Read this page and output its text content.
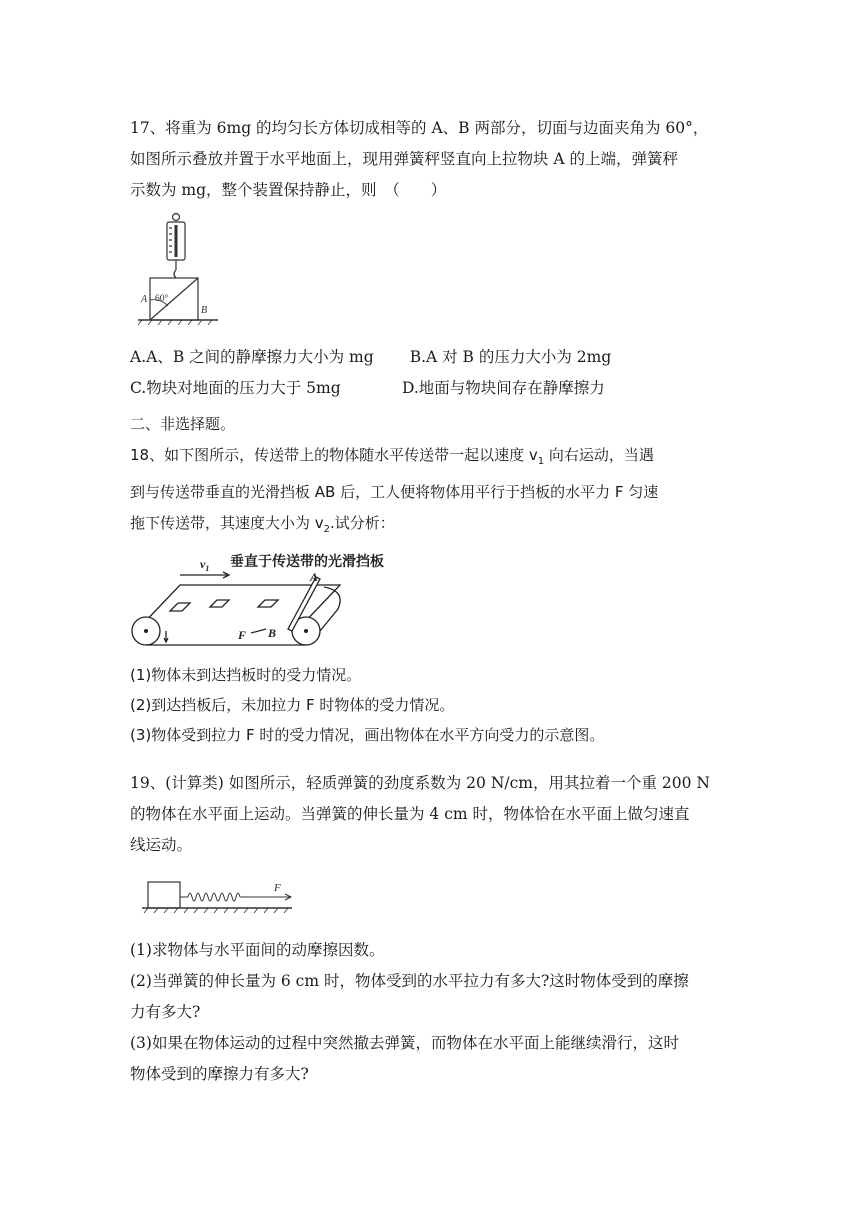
17、将重为 6mg 的均匀长方体切成相等的 A、B 两部分，切面与边面夹角为 60°，

如图所示叠放并置于水平地面上，现用弹簧秤竖直向上拉物块 A 的上端，弹簧秤

示数为 mg，整个装置保持静止，则　（　　）

A 60°
B

A.A、B 之间的静摩擦力大小为 mg B.A 对 B 的压力大小为 2mg

C.物块对地面的压力大于 5mg	D.地面与物块间存在静摩擦力

二、非选择题。

18、如下图所示，传送带上的物体随水平传送带一起以速度 $v_1$ 向右运动，当遇

到与传送带垂直的光滑挡板 AB 后，工人便将物体用平行于挡板的水平力 F 匀速

拖下传送带，其速度大小为 $v_2$.试分析：

$v_1$ 垂直于传送带的光滑挡板
A
B
F

(1)物体未到达挡板时的受力情况。

(2)到达挡板后，未加拉力 F 时物体的受力情况。

(3)物体受到拉力 F 时的受力情况，画出物体在水平方向受力的示意图。

19、(计算类) 如图所示，轻质弹簧的劲度系数为 20 N/cm，用其拉着一个重 200 N

的物体在水平面上运动。当弹簧的伸长量为 4 cm 时，物体恰在水平面上做匀速直

线运动。

F

(1)求物体与水平面间的动摩擦因数。

(2)当弹簧的伸长量为 6 cm 时，物体受到的水平拉力有多大?这时物体受到的摩擦

力有多大?

(3)如果在物体运动的过程中突然撤去弹簧，而物体在水平面上能继续滑行，这时

物体受到的摩擦力有多大?
